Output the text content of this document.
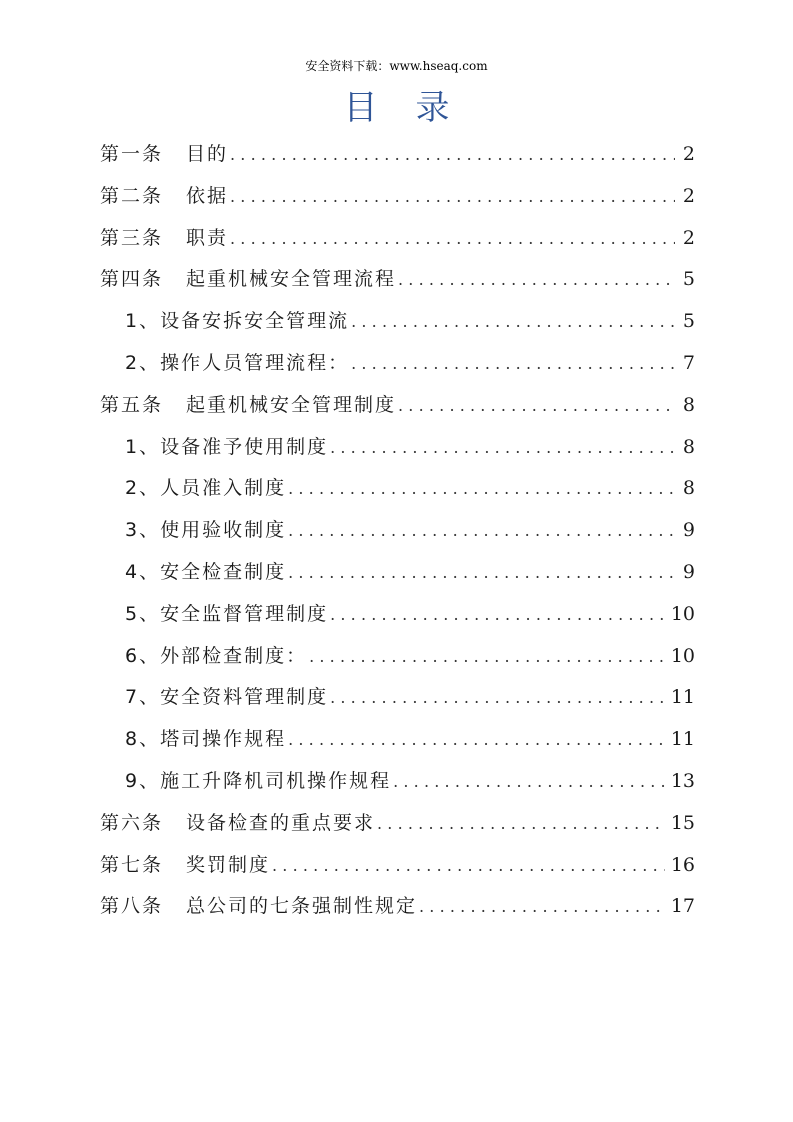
安全资料下载：www.hseaq.com
目录
第一条	目的 .....	2
第二条	依据 .....	2
第三条	职责 .....	2
第四条	起重机械安全管理流程 .....	5
1、 设备安拆安全管理流 .....	5
2、 操作人员管理流程： .....	7
第五条	起重机械安全管理制度 .....	8
1、 设备准予使用制度 .....	8
2、 人员准入制度 .....	8
3、 使用验收制度 .....	9
4、 安全检查制度 .....	9
5、 安全监督管理制度 .....	10
6、 外部检查制度： .....	10
7、 安全资料管理制度 .....	11
8、 塔司操作规程 .....	11
9、 施工升降机司机操作规程 .....	13
第六条	设备检查的重点要求 .....	15
第七条	奖罚制度 .....	16
第八条	总公司的七条强制性规定 .....	17
